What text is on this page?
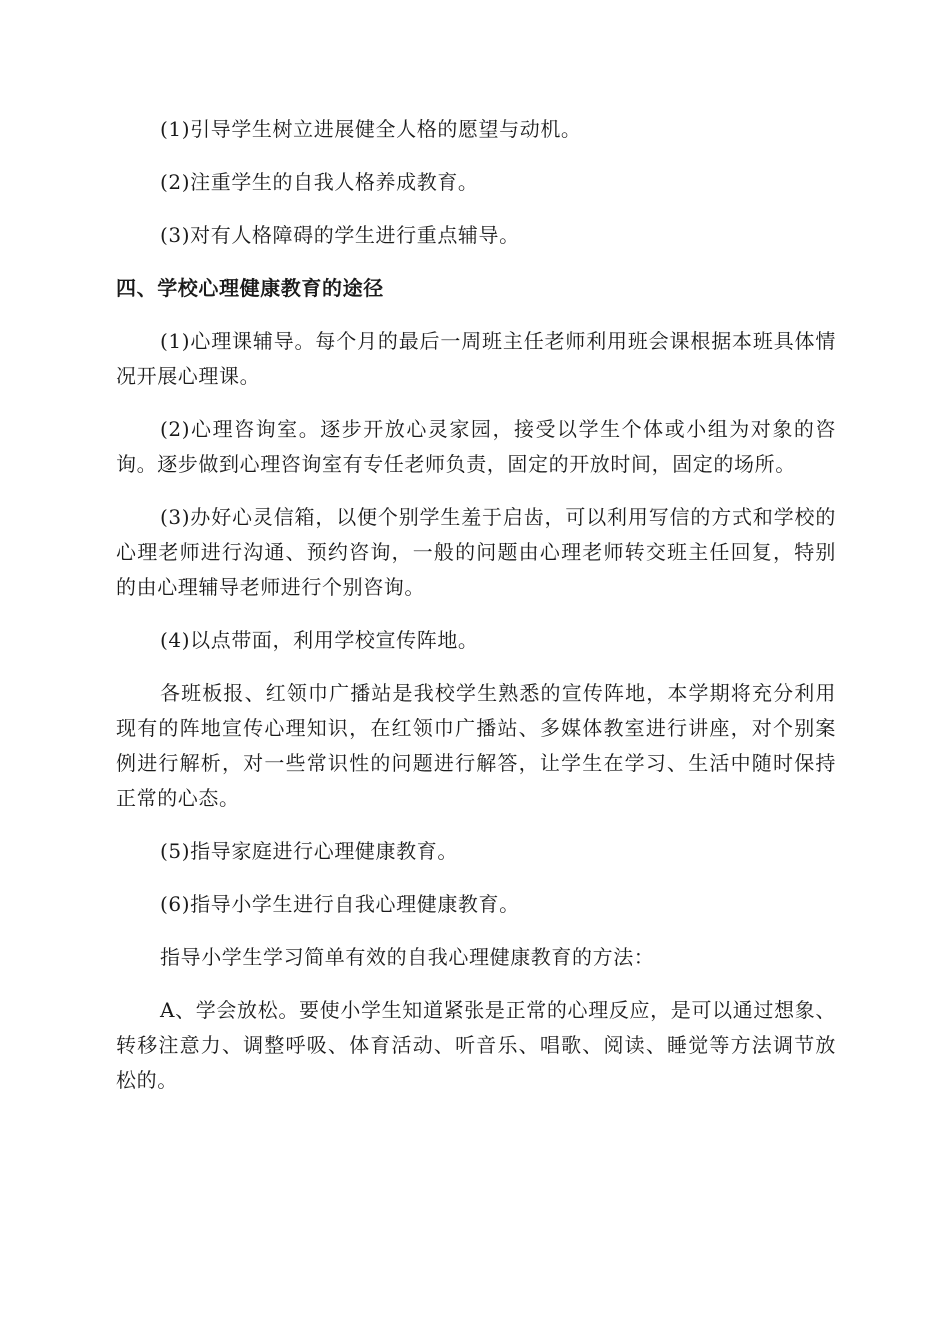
(1)引导学生树立进展健全人格的愿望与动机。

(2)注重学生的自我人格养成教育。

(3)对有人格障碍的学生进行重点辅导。

四、学校心理健康教育的途径

(1)心理课辅导。每个月的最后一周班主任老师利用班会课根据本班具体情况开展心理课。

(2)心理咨询室。逐步开放心灵家园，接受以学生个体或小组为对象的咨询。逐步做到心理咨询室有专任老师负责，固定的开放时间，固定的场所。

(3)办好心灵信箱，以便个别学生羞于启齿，可以利用写信的方式和学校的心理老师进行沟通、预约咨询，一般的问题由心理老师转交班主任回复，特别的由心理辅导老师进行个别咨询。

(4)以点带面，利用学校宣传阵地。

各班板报、红领巾广播站是我校学生熟悉的宣传阵地，本学期将充分利用现有的阵地宣传心理知识，在红领巾广播站、多媒体教室进行讲座，对个别案例进行解析，对一些常识性的问题进行解答，让学生在学习、生活中随时保持正常的心态。

(5)指导家庭进行心理健康教育。

(6)指导小学生进行自我心理健康教育。

指导小学生学习简单有效的自我心理健康教育的方法：

A、学会放松。要使小学生知道紧张是正常的心理反应，是可以通过想象、转移注意力、调整呼吸、体育活动、听音乐、唱歌、阅读、睡觉等方法调节放松的。
